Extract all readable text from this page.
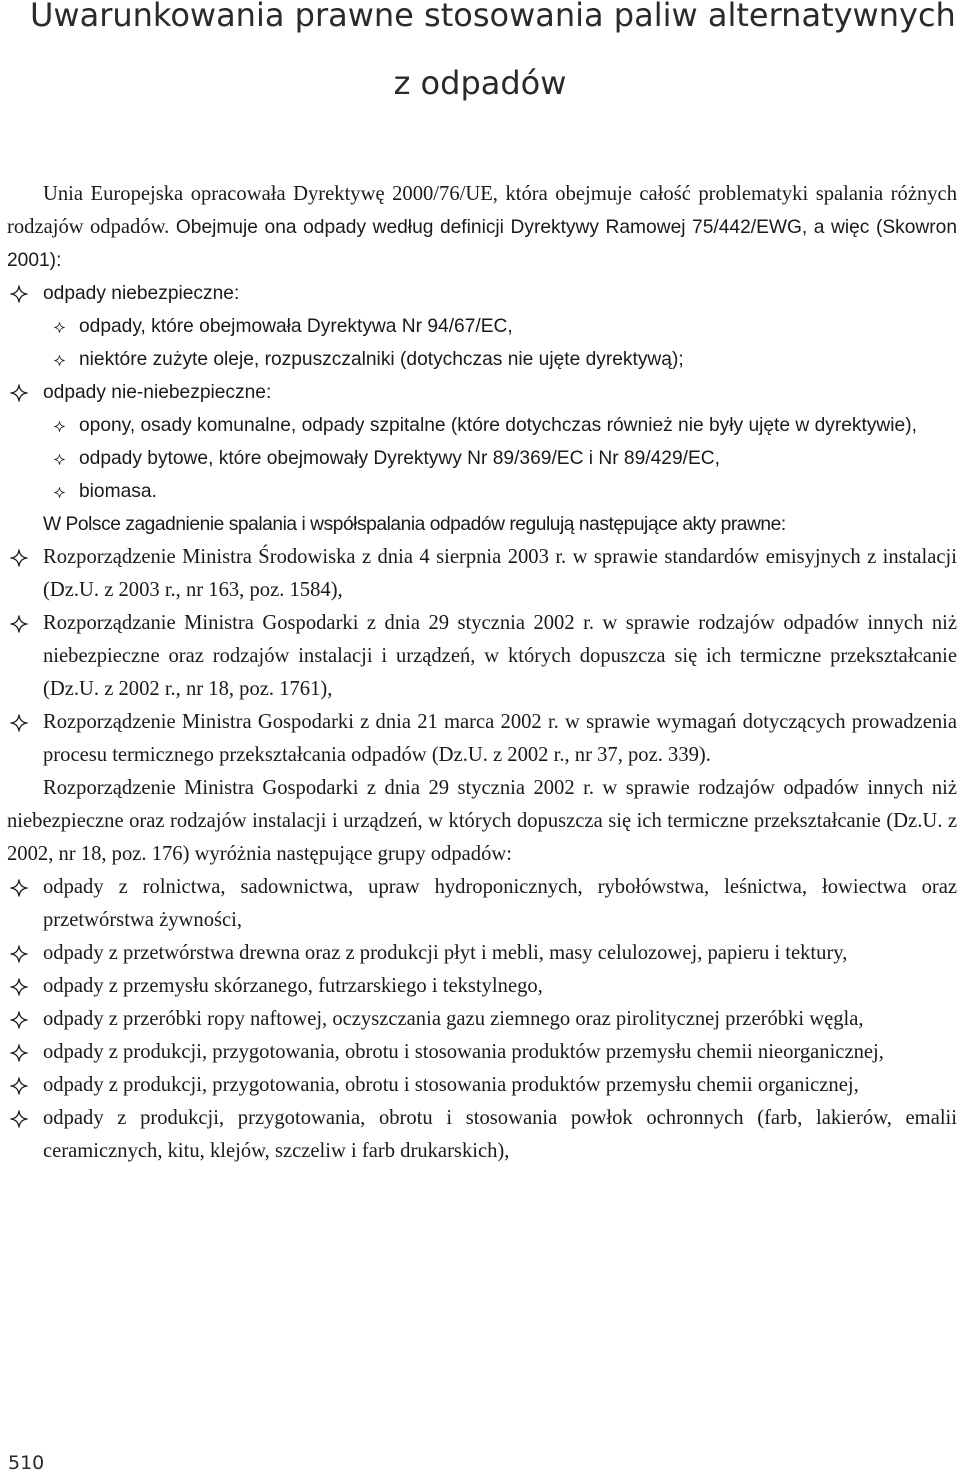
Uwarunkowania prawne stosowania paliw alternatywnych
z odpadów

Unia Europejska opracowała Dyrektywę 2000/76/UE, która obejmuje całość problematyki spalania różnych rodzajów odpadów. Obejmuje ona odpady według definicji Dyrektywy Ramowej 75/442/EWG, a więc (Skowron 2001):

odpady niebezpieczne:

odpady, które obejmowała Dyrektywa Nr 94/67/EC,

niektóre zużyte oleje, rozpuszczalniki (dotychczas nie ujęte dyrektywą);

odpady nie-niebezpieczne:

opony, osady komunalne, odpady szpitalne (które dotychczas również nie były ujęte w dyrektywie),

odpady bytowe, które obejmowały Dyrektywy Nr 89/369/EC i Nr 89/429/EC,

biomasa.

W Polsce zagadnienie spalania i współspalania odpadów regulują następujące akty prawne:

Rozporządzenie Ministra Środowiska z dnia 4 sierpnia 2003 r. w sprawie standardów emisyjnych z instalacji (Dz.U. z 2003 r., nr 163, poz. 1584),

Rozporządzanie Ministra Gospodarki z dnia 29 stycznia 2002 r. w sprawie rodzajów odpadów innych niż niebezpieczne oraz rodzajów instalacji i urządzeń, w których dopuszcza się ich termiczne przekształcanie (Dz.U. z 2002 r., nr 18, poz. 1761),

Rozporządzenie Ministra Gospodarki z dnia 21 marca 2002 r. w sprawie wymagań dotyczących prowadzenia procesu termicznego przekształcania odpadów (Dz.U. z 2002 r., nr 37, poz. 339).

Rozporządzenie Ministra Gospodarki z dnia 29 stycznia 2002 r. w sprawie rodzajów odpadów innych niż niebezpieczne oraz rodzajów instalacji i urządzeń, w których dopuszcza się ich termiczne przekształcanie (Dz.U. z 2002, nr 18, poz. 176) wyróżnia następujące grupy odpadów:

odpady z rolnictwa, sadownictwa, upraw hydroponicznych, rybołówstwa, leśnictwa, łowiectwa oraz przetwórstwa żywności,

odpady z przetwórstwa drewna oraz z produkcji płyt i mebli, masy celulozowej, papieru i tektury,

odpady z przemysłu skórzanego, futrzarskiego i tekstylnego,

odpady z przeróbki ropy naftowej, oczyszczania gazu ziemnego oraz pirolitycznej przeróbki węgla,

odpady z produkcji, przygotowania, obrotu i stosowania produktów przemysłu chemii nieorganicznej,

odpady z produkcji, przygotowania, obrotu i stosowania produktów przemysłu chemii organicznej,

odpady z produkcji, przygotowania, obrotu i stosowania powłok ochronnych (farb, lakierów, emalii ceramicznych, kitu, klejów, szczeliw i farb drukarskich),

510
